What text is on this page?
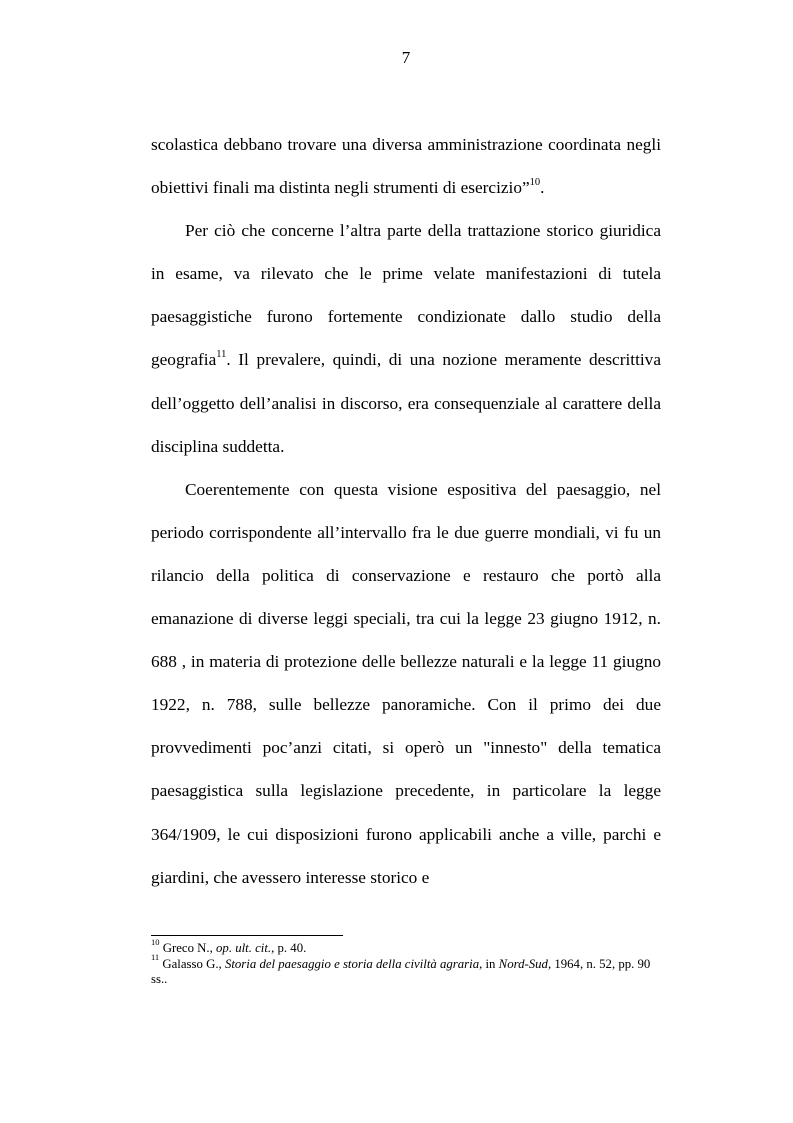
7

scolastica debbano trovare una diversa amministrazione coordinata negli obiettivi finali ma distinta negli strumenti di esercizio”$^{10}$.

Per ciò che concerne l’altra parte della trattazione storico giuridica in esame, va rilevato che le prime velate manifestazioni di tutela paesaggistiche furono fortemente condizionate dallo studio della geografia$^{11}$. Il prevalere, quindi, di una nozione meramente descrittiva dell’oggetto dell’analisi in discorso, era consequenziale al carattere della disciplina suddetta.

Coerentemente con questa visione espositiva del paesaggio, nel periodo corrispondente all’intervallo fra le due guerre mondiali, vi fu un rilancio della politica di conservazione e restauro che portò alla emanazione di diverse leggi speciali, tra cui la legge 23 giugno 1912, n. 688 , in materia di protezione delle bellezze naturali e la legge 11 giugno 1922, n. 788, sulle bellezze panoramiche. Con il primo dei due provvedimenti poc’anzi citati, si operò un "innesto" della tematica paesaggistica sulla legislazione precedente, in particolare la legge 364/1909, le cui disposizioni furono applicabili anche a ville, parchi e giardini, che avessero interesse storico e

$^{10}$ Greco N., op. ult. cit., p. 40.

$^{11}$ Galasso G., Storia del paesaggio e storia della civiltà agraria, in Nord-Sud, 1964, n. 52, pp. 90 ss..
